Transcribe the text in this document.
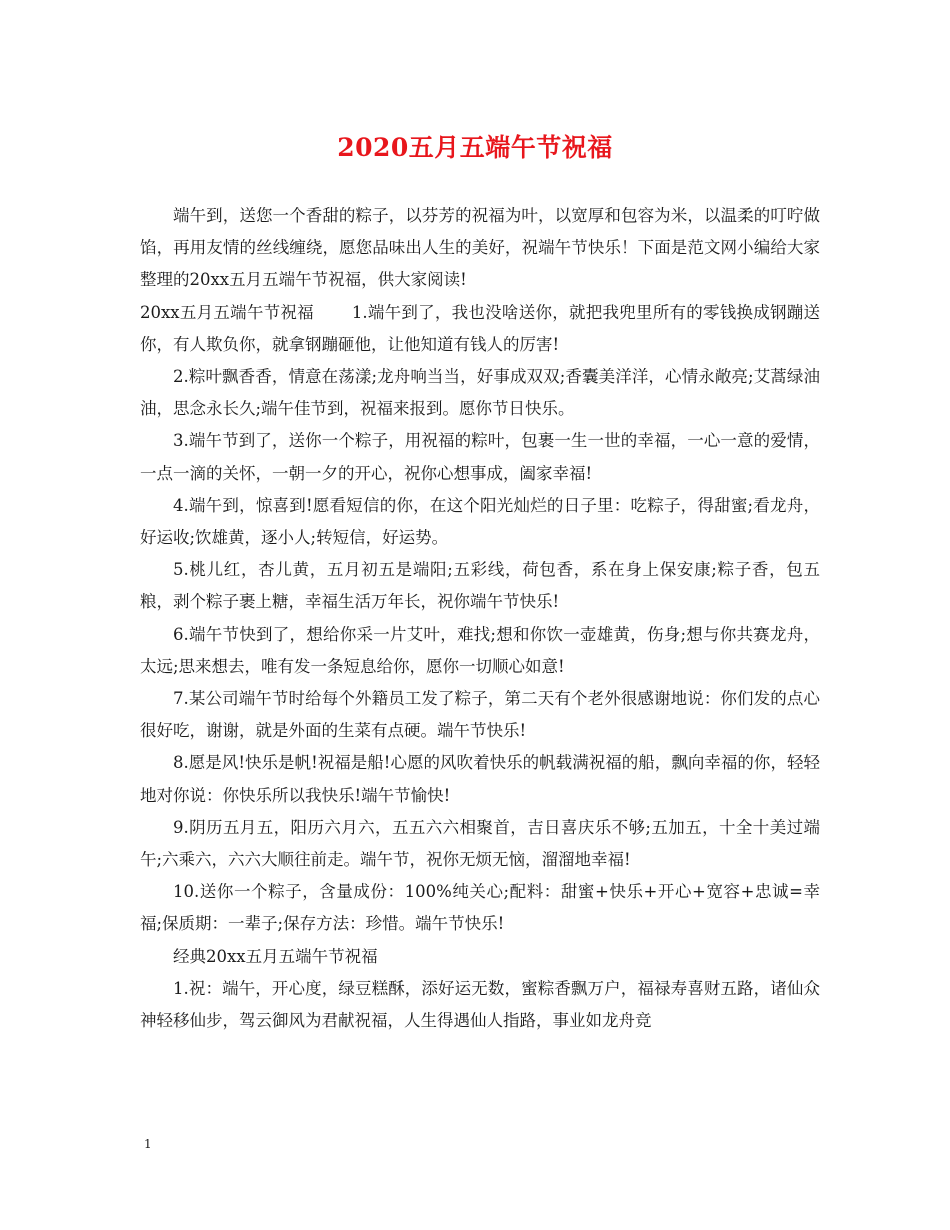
2020五月五端午节祝福

端午到，送您一个香甜的粽子，以芬芳的祝福为叶，以宽厚和包容为米，以温柔的叮咛做馅，再用友情的丝线缠绕，愿您品味出人生的美好，祝端午节快乐！下面是范文网小编给大家整理的20xx五月五端午节祝福，供大家阅读!

20xx五月五端午节祝福 1.端午到了，我也没啥送你，就把我兜里所有的零钱换成钢蹦送你，有人欺负你，就拿钢蹦砸他，让他知道有钱人的厉害!

2.粽叶飘香香，情意在荡漾;龙舟响当当，好事成双双;香囊美洋洋，心情永敞亮;艾蒿绿油油，思念永长久;端午佳节到，祝福来报到。愿你节日快乐。

3.端午节到了，送你一个粽子，用祝福的粽叶，包裹一生一世的幸福，一心一意的爱情，一点一滴的关怀，一朝一夕的开心，祝你心想事成，阖家幸福!

4.端午到，惊喜到!愿看短信的你，在这个阳光灿烂的日子里：吃粽子，得甜蜜;看龙舟，好运收;饮雄黄，逐小人;转短信，好运势。

5.桃儿红，杏儿黄，五月初五是端阳;五彩线，荷包香，系在身上保安康;粽子香，包五粮，剥个粽子裹上糖，幸福生活万年长，祝你端午节快乐!

6.端午节快到了，想给你采一片艾叶，难找;想和你饮一壶雄黄，伤身;想与你共赛龙舟，太远;思来想去，唯有发一条短息给你，愿你一切顺心如意!

7.某公司端午节时给每个外籍员工发了粽子，第二天有个老外很感谢地说：你们发的点心很好吃，谢谢，就是外面的生菜有点硬。端午节快乐!

8.愿是风!快乐是帆!祝福是船!心愿的风吹着快乐的帆载满祝福的船，飘向幸福的你，轻轻地对你说：你快乐所以我快乐!端午节愉快!

9.阴历五月五，阳历六月六，五五六六相聚首，吉日喜庆乐不够;五加五，十全十美过端午;六乘六，六六大顺往前走。端午节，祝你无烦无恼，溜溜地幸福!

10.送你一个粽子，含量成份：100%纯关心;配料：甜蜜+快乐+开心+宽容+忠诚=幸福;保质期：一辈子;保存方法：珍惜。端午节快乐!

经典20xx五月五端午节祝福

1.祝：端午，开心度，绿豆糕酥，添好运无数，蜜粽香飘万户，福禄寿喜财五路，诸仙众神轻移仙步，驾云御风为君献祝福，人生得遇仙人指路，事业如龙舟竞

1
